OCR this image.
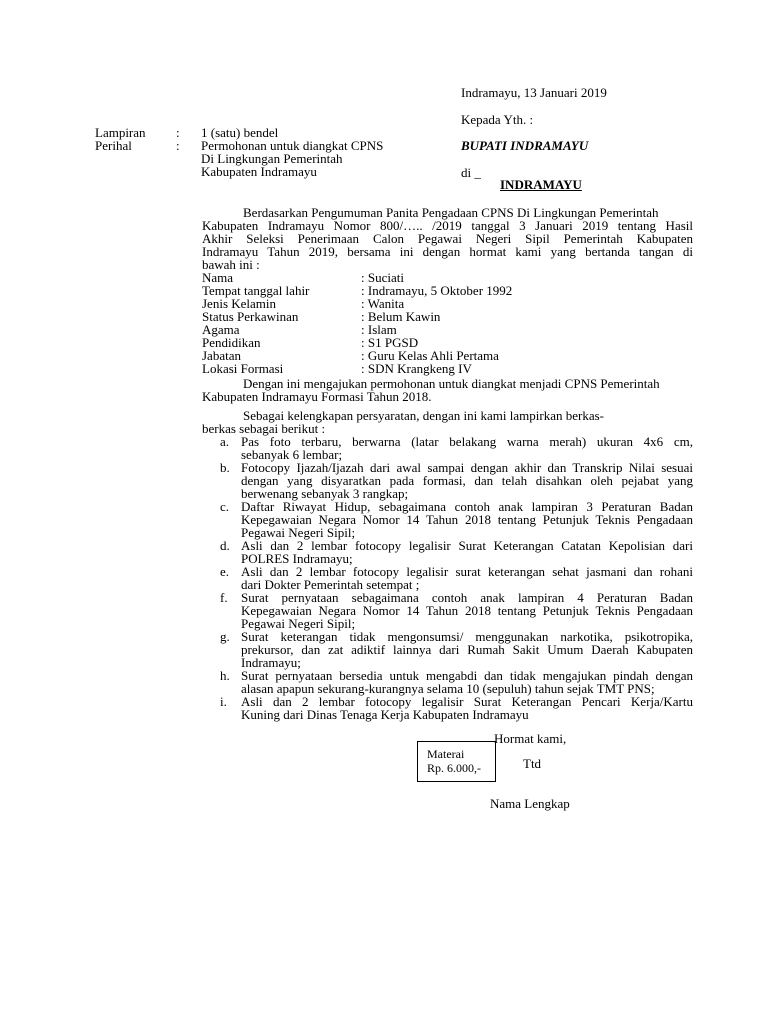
Indramayu, 13 Januari 2019
Kepada Yth. :
BUPATI INDRAMAYU
di _
INDRAMAYU
Lampiran : 1 (satu) bendel
Perihal	: Permohonan untuk diangkat CPNS
Di Lingkungan Pemerintah
Kabupaten Indramayu
Berdasarkan Pengumuman Panita Pengadaan CPNS Di Lingkungan Pemerintah
Kabupaten Indramayu Nomor 800/….. /2019 tanggal 3 Januari 2019 tentang Hasil
Akhir Seleksi Penerimaan Calon Pegawai Negeri Sipil Pemerintah Kabupaten
Indramayu Tahun 2019, bersama ini dengan hormat kami yang bertanda tangan di
bawah ini :
Nama	: Suciati
Tempat tanggal lahir	: Indramayu, 5 Oktober 1992
Jenis Kelamin	: Wanita
Status Perkawinan	: Belum Kawin
Agama	: Islam
Pendidikan	: S1 PGSD
Jabatan	: Guru Kelas Ahli Pertama
Lokasi Formasi	: SDN Krangkeng IV
Dengan ini mengajukan permohonan untuk diangkat menjadi CPNS Pemerintah
Kabupaten Indramayu Formasi Tahun 2018.
Sebagai kelengkapan persyaratan, dengan ini kami lampirkan berkas-
berkas sebagai berikut :
a. Pas foto terbaru, berwarna (latar belakang warna merah) ukuran 4x6 cm,
sebanyak 6 lembar;
b. Fotocopy Ijazah/Ijazah dari awal sampai dengan akhir dan Transkrip Nilai sesuai
dengan yang disyaratkan pada formasi, dan telah disahkan oleh pejabat yang
berwenang sebanyak 3 rangkap;
c. Daftar Riwayat Hidup, sebagaimana contoh anak lampiran 3 Peraturan Badan
Kepegawaian Negara Nomor 14 Tahun 2018 tentang Petunjuk Teknis Pengadaan
Pegawai Negeri Sipil;
d. Asli dan 2 lembar fotocopy legalisir Surat Keterangan Catatan Kepolisian dari
POLRES Indramayu;
e. Asli dan 2 lembar fotocopy legalisir surat keterangan sehat jasmani dan rohani
dari Dokter Pemerintah setempat ;
f. Surat pernyataan sebagaimana contoh anak lampiran 4 Peraturan Badan
Kepegawaian Negara Nomor 14 Tahun 2018 tentang Petunjuk Teknis Pengadaan
Pegawai Negeri Sipil;
g. Surat keterangan tidak mengonsumsi/ menggunakan narkotika, psikotropika,
prekursor, dan zat adiktif lainnya dari Rumah Sakit Umum Daerah Kabupaten
Indramayu;
h. Surat pernyataan bersedia untuk mengabdi dan tidak mengajukan pindah dengan
alasan apapun sekurang-kurangnya selama 10 (sepuluh) tahun sejak TMT PNS;
i. Asli dan 2 lembar fotocopy legalisir Surat Keterangan Pencari Kerja/Kartu
Kuning dari Dinas Tenaga Kerja Kabupaten Indramayu
Hormat kami,
Materai
Rp. 6.000,-	Ttd
Nama Lengkap
